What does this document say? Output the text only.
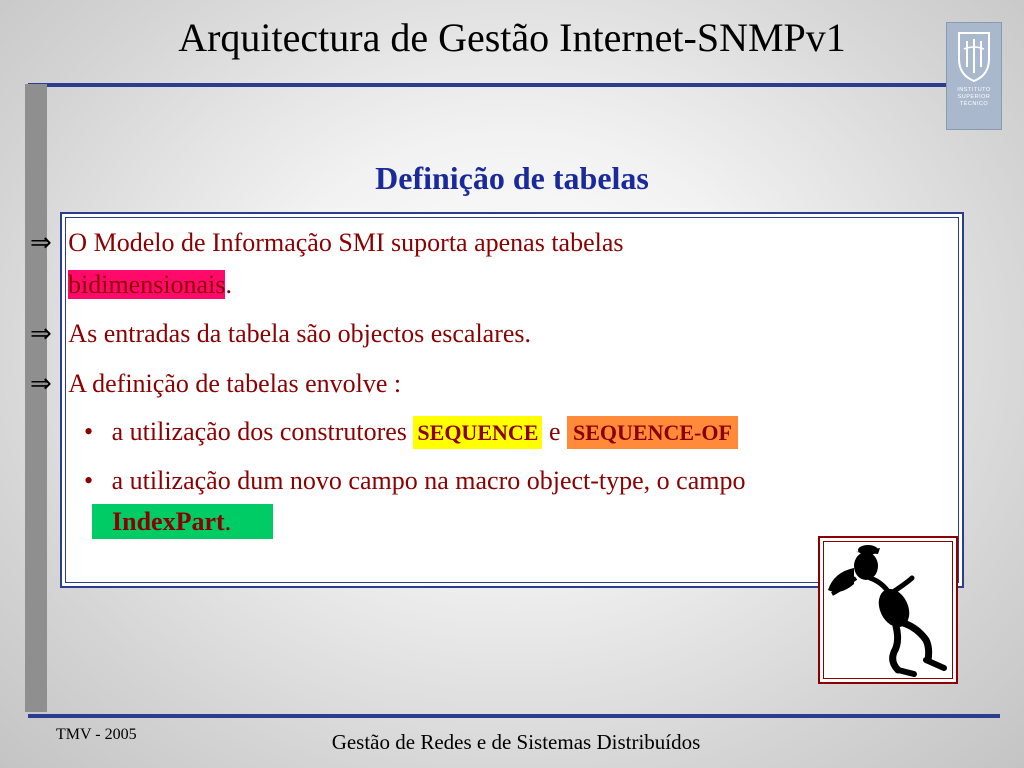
Arquitectura de Gestão Internet-SNMPv1
INSTITUTO
SUPERIOR
TÉCNICO
Definição de tabelas
⇒ O Modelo de Informação SMI suporta apenas tabelas
bidimensionais.
⇒ As entradas da tabela são objectos escalares.
⇒ A definição de tabelas envolve :
• a utilização dos construtores SEQUENCE e SEQUENCE-OF
• a utilização dum novo campo na macro object-type, o campo
IndexPart.
TMV - 2005	Gestão de Redes e de Sistemas Distribuídos
